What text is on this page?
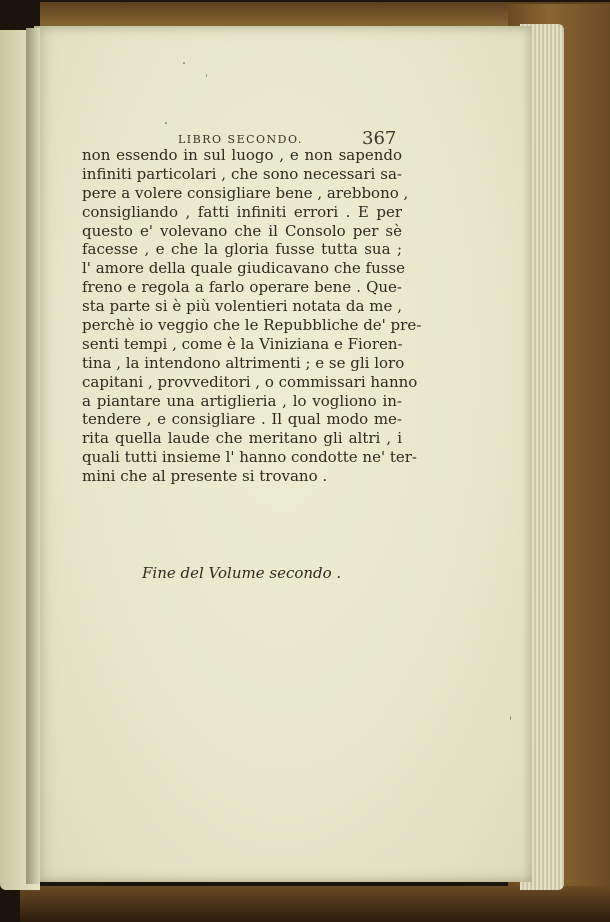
LIBRO SECONDO.	367
non essendo in sul luogo , e non sapendo
infiniti particolari , che sono necessari sa-
pere a volere consigliare bene , arebbono ,
consigliando , fatti infiniti errori . E per
questo e' volevano che il Consolo per sè
facesse , e che la gloria fusse tutta sua ;
l' amore della quale giudicavano che fusse
freno e regola a farlo operare bene . Que-
sta parte si è più volentieri notata da me ,
perchè io veggio che le Repubbliche de' pre-
senti tempi , come è la Viniziana e Fioren-
tina , la intendono altrimenti ; e se gli loro
capitani , provveditori , o commissari hanno
a piantare una artiglieria , lo vogliono in-
tendere , e consigliare . Il qual modo me-
rita quella laude che meritano gli altri , i
quali tutti insieme l' hanno condotte ne' ter-
mini che al presente si trovano .
Fine del Volume secondo .
